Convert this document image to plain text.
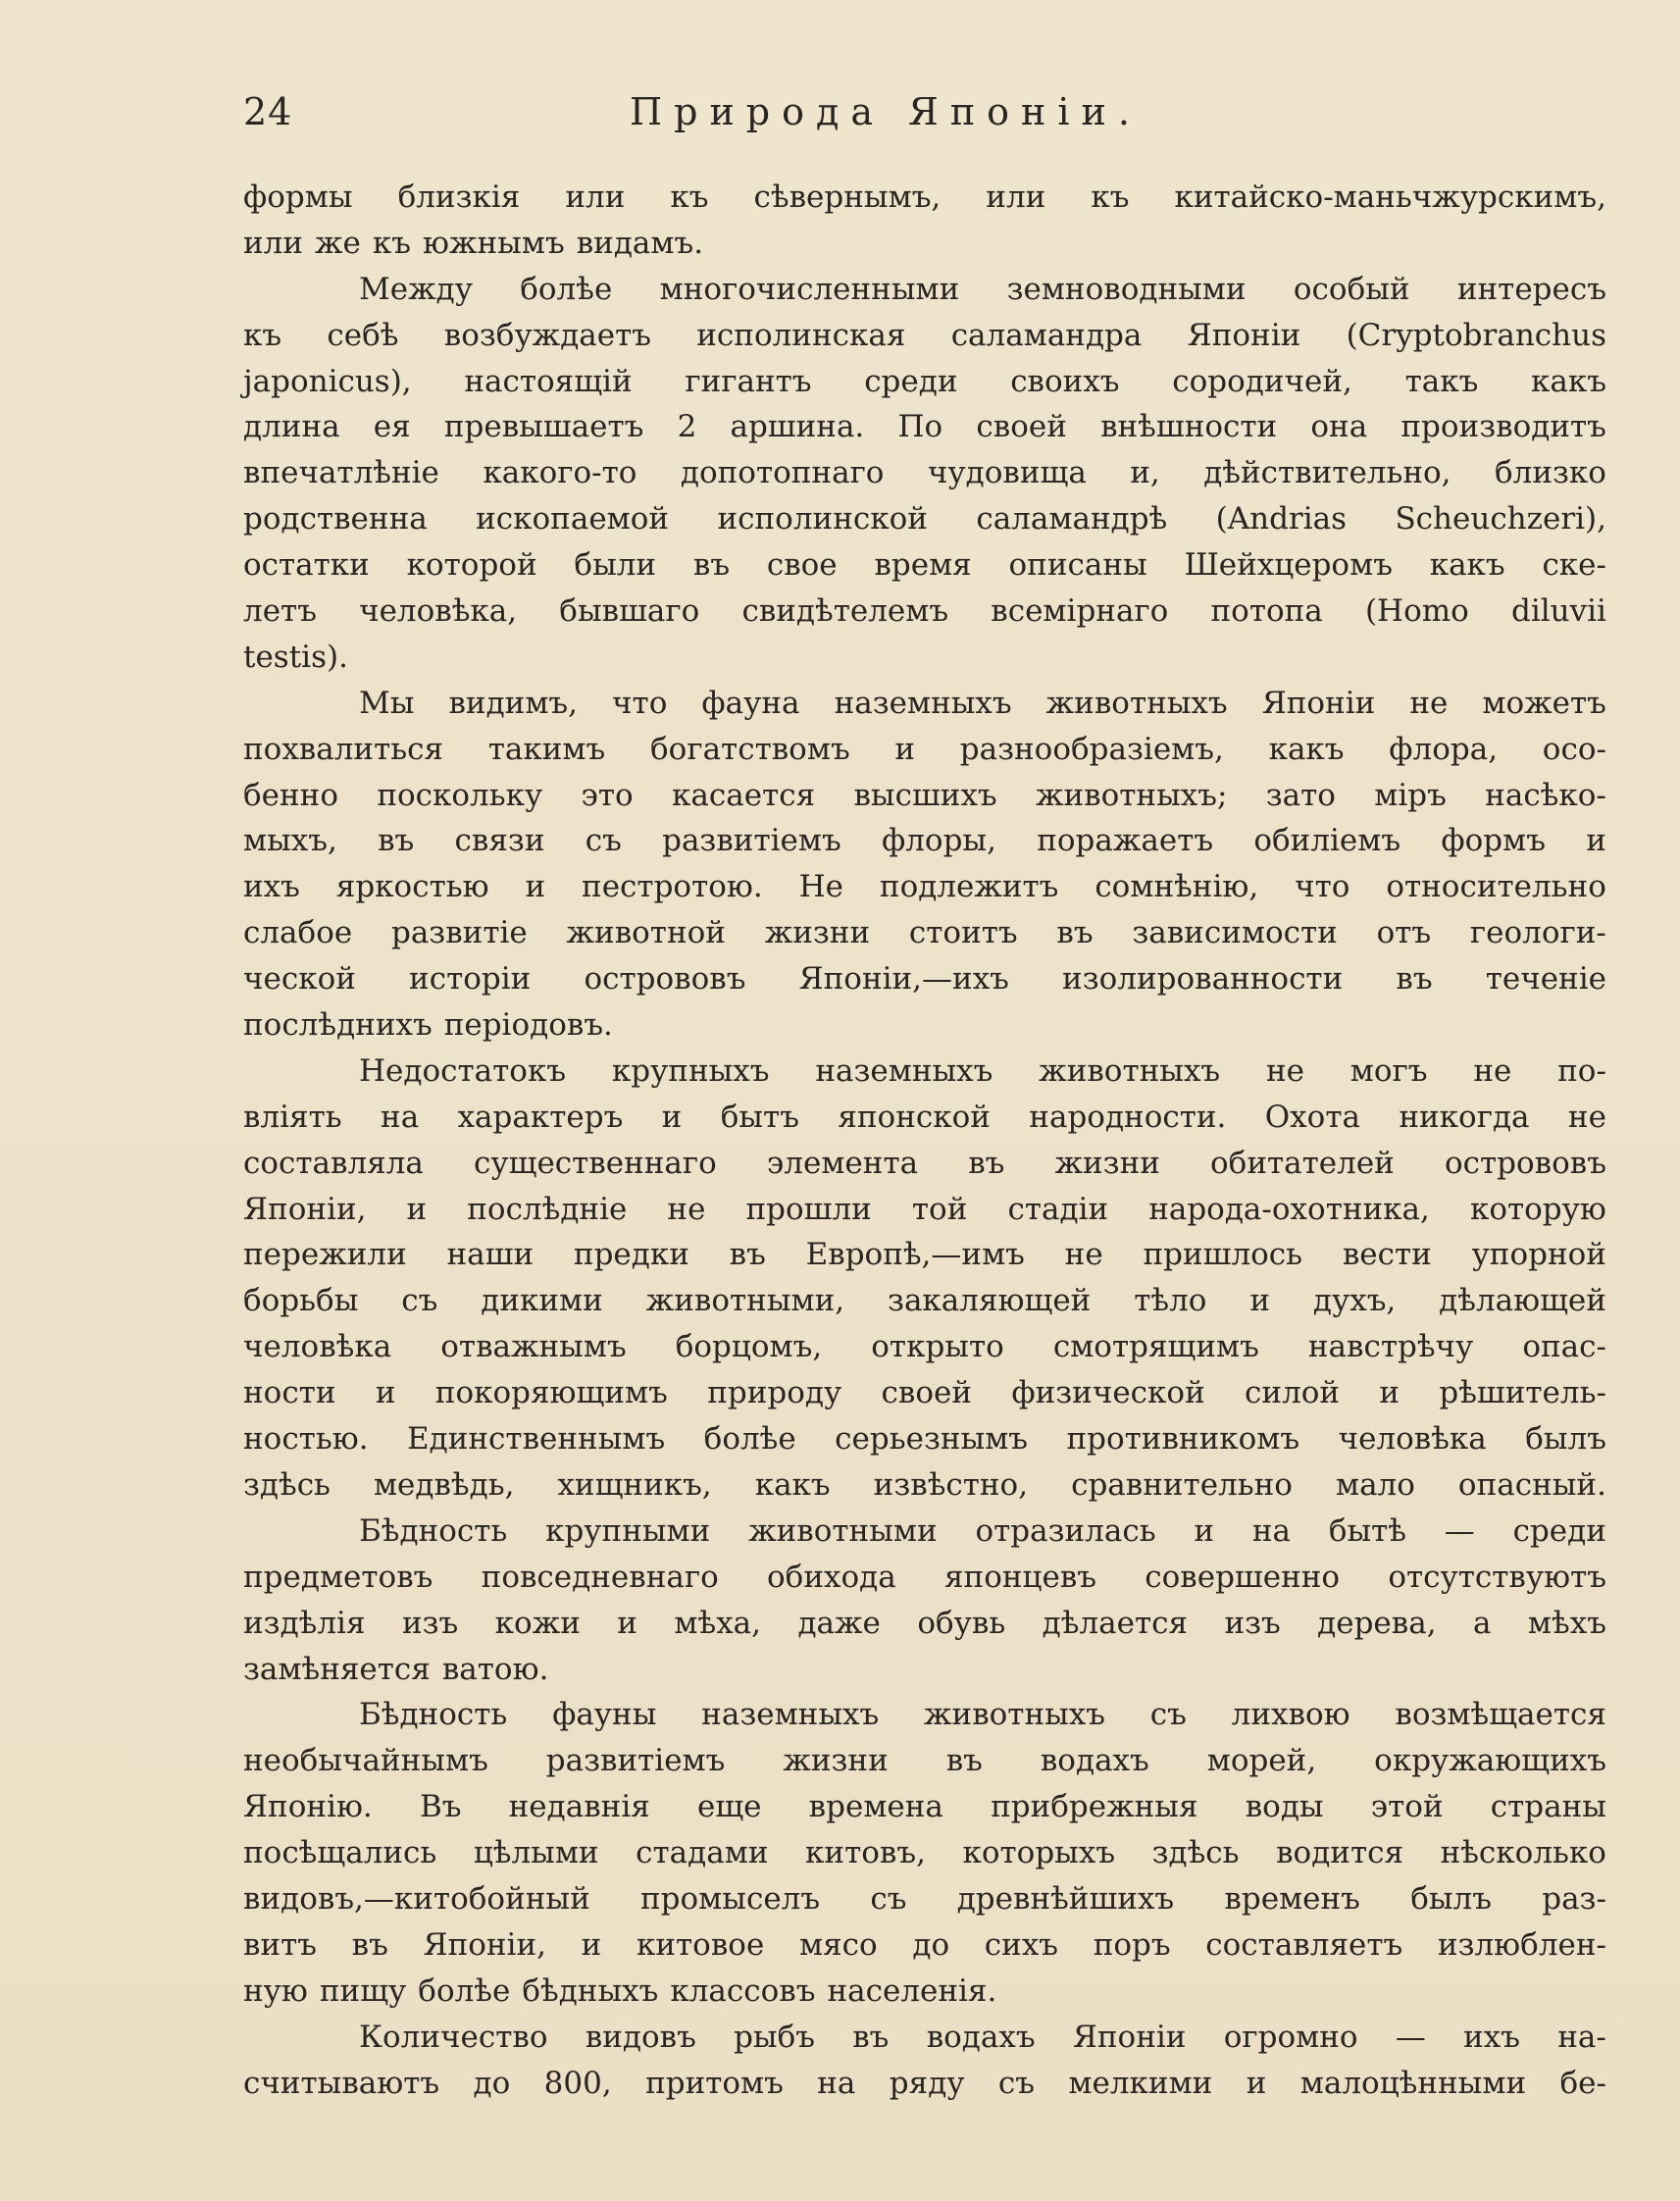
24	Природа Японіи.
формы близкія или къ сѣвернымъ, или къ китайско-маньчжурскимъ,
или же къ южнымъ видамъ.
Между болѣе многочисленными земноводными особый интересъ
къ себѣ возбуждаетъ исполинская саламандра Японіи (Cryptobranchus
japonicus), настоящій гигантъ среди своихъ сородичей, такъ какъ
длина ея превышаетъ 2 аршина. По своей внѣшности она производитъ
впечатлѣніе какого-то допотопнаго чудовища и, дѣйствительно, близко
родственна ископаемой исполинской саламандрѣ (Andrias Scheuchzeri),
остатки которой были въ свое время описаны Шейхцеромъ какъ ске-
летъ человѣка, бывшаго свидѣтелемъ всемірнаго потопа (Homo diluvii
testis).
Мы видимъ, что фауна наземныхъ животныхъ Японіи не можетъ
похвалиться такимъ богатствомъ и разнообразіемъ, какъ флора, осо-
бенно поскольку это касается высшихъ животныхъ; зато міръ насѣко-
мыхъ, въ связи съ развитіемъ флоры, поражаетъ обиліемъ формъ и
ихъ яркостью и пестротою. Не подлежитъ сомнѣнію, что относительно
слабое развитіе животной жизни стоитъ въ зависимости отъ геологи-
ческой исторіи острововъ Японіи,—ихъ изолированности въ теченіе
послѣднихъ періодовъ.
Недостатокъ крупныхъ наземныхъ животныхъ не могъ не по-
вліять на характеръ и бытъ японской народности. Охота никогда не
составляла существеннаго элемента въ жизни обитателей острововъ
Японіи, и послѣдніе не прошли той стадіи народа-охотника, которую
пережили наши предки въ Европѣ,—имъ не пришлось вести упорной
борьбы съ дикими животными, закаляющей тѣло и духъ, дѣлающей
человѣка отважнымъ борцомъ, открыто смотрящимъ навстрѣчу опас-
ности и покоряющимъ природу своей физической силой и рѣшитель-
ностью. Единственнымъ болѣе серьезнымъ противникомъ человѣка былъ
здѣсь медвѣдь, хищникъ, какъ извѣстно, сравнительно мало опасный.
Бѣдность крупными животными отразилась и на бытѣ — среди
предметовъ повседневнаго обихода японцевъ совершенно отсутствуютъ
издѣлія изъ кожи и мѣха, даже обувь дѣлается изъ дерева, а мѣхъ
замѣняется ватою.
Бѣдность фауны наземныхъ животныхъ съ лихвою возмѣщается
необычайнымъ развитіемъ жизни въ водахъ морей, окружающихъ
Японію. Въ недавнія еще времена прибрежныя воды этой страны
посѣщались цѣлыми стадами китовъ, которыхъ здѣсь водится нѣсколько
видовъ,—китобойный промыселъ съ древнѣйшихъ временъ былъ раз-
витъ въ Японіи, и китовое мясо до сихъ поръ составляетъ излюблен-
ную пищу болѣе бѣдныхъ классовъ населенія.
Количество видовъ рыбъ въ водахъ Японіи огромно — ихъ на-
считываютъ до 800, притомъ на ряду съ мелкими и малоцѣнными бе-
